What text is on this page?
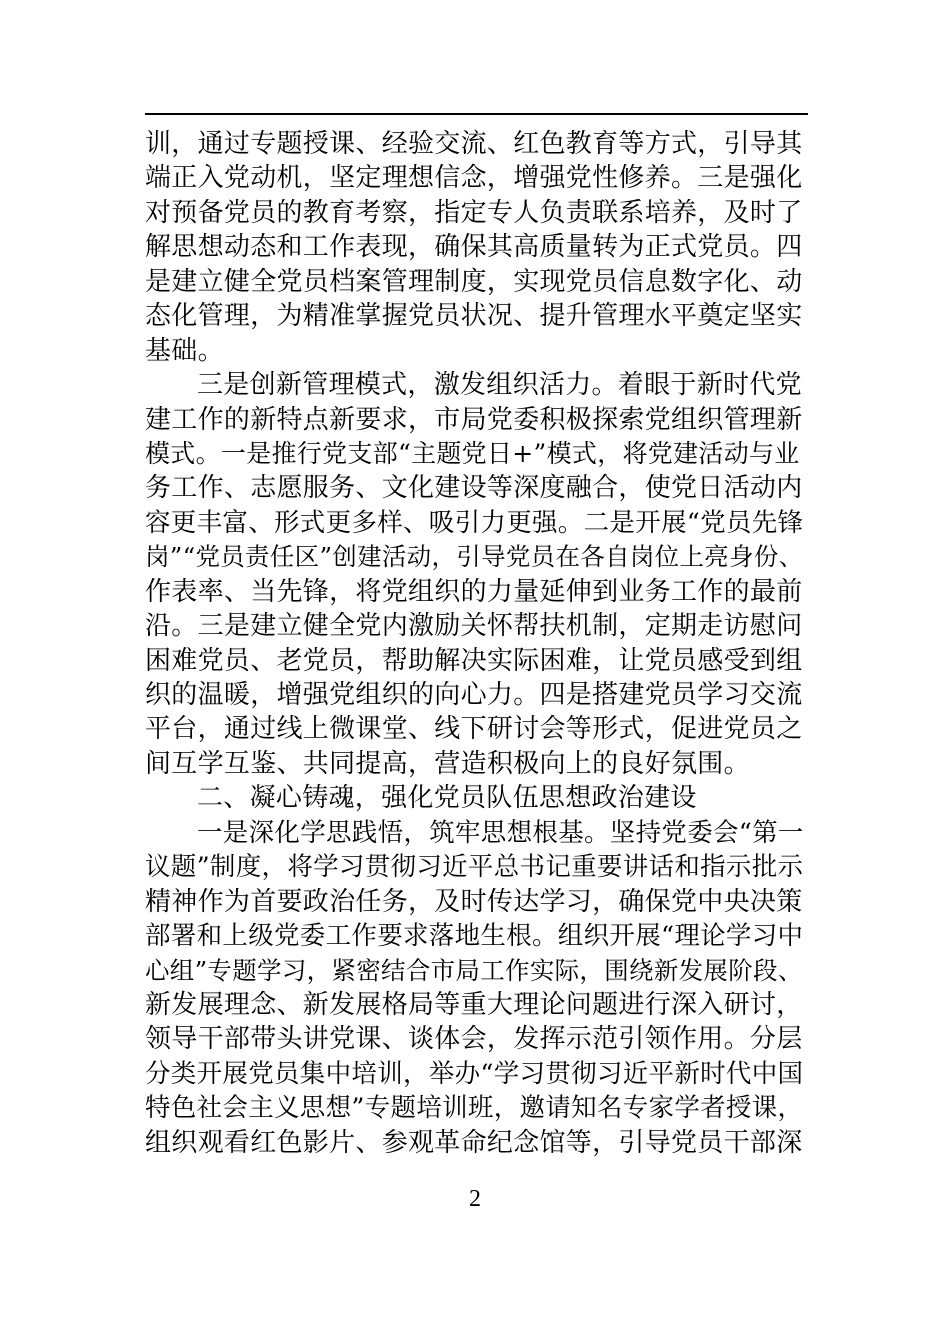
训，通过专题授课、经验交流、红色教育等方式，引导其
端正入党动机，坚定理想信念，增强党性修养。三是强化
对预备党员的教育考察，指定专人负责联系培养，及时了
解思想动态和工作表现，确保其高质量转为正式党员。四
是建立健全党员档案管理制度，实现党员信息数字化、动
态化管理，为精准掌握党员状况、提升管理水平奠定坚实
基础。
三是创新管理模式，激发组织活力。着眼于新时代党
建工作的新特点新要求，市局党委积极探索党组织管理新
模式。一是推行党支部“主题党日+”模式，将党建活动与业
务工作、志愿服务、文化建设等深度融合，使党日活动内
容更丰富、形式更多样、吸引力更强。二是开展“党员先锋
岗”“党员责任区”创建活动，引导党员在各自岗位上亮身份、
作表率、当先锋，将党组织的力量延伸到业务工作的最前
沿。三是建立健全党内激励关怀帮扶机制，定期走访慰问
困难党员、老党员，帮助解决实际困难，让党员感受到组
织的温暖，增强党组织的向心力。四是搭建党员学习交流
平台，通过线上微课堂、线下研讨会等形式，促进党员之
间互学互鉴、共同提高，营造积极向上的良好氛围。
二、凝心铸魂，强化党员队伍思想政治建设
一是深化学思践悟，筑牢思想根基。坚持党委会“第一
议题”制度，将学习贯彻习近平总书记重要讲话和指示批示
精神作为首要政治任务，及时传达学习，确保党中央决策
部署和上级党委工作要求落地生根。组织开展“理论学习中
心组”专题学习，紧密结合市局工作实际，围绕新发展阶段、
新发展理念、新发展格局等重大理论问题进行深入研讨，
领导干部带头讲党课、谈体会，发挥示范引领作用。分层
分类开展党员集中培训，举办“学习贯彻习近平新时代中国
特色社会主义思想”专题培训班，邀请知名专家学者授课，
组织观看红色影片、参观革命纪念馆等，引导党员干部深
2
